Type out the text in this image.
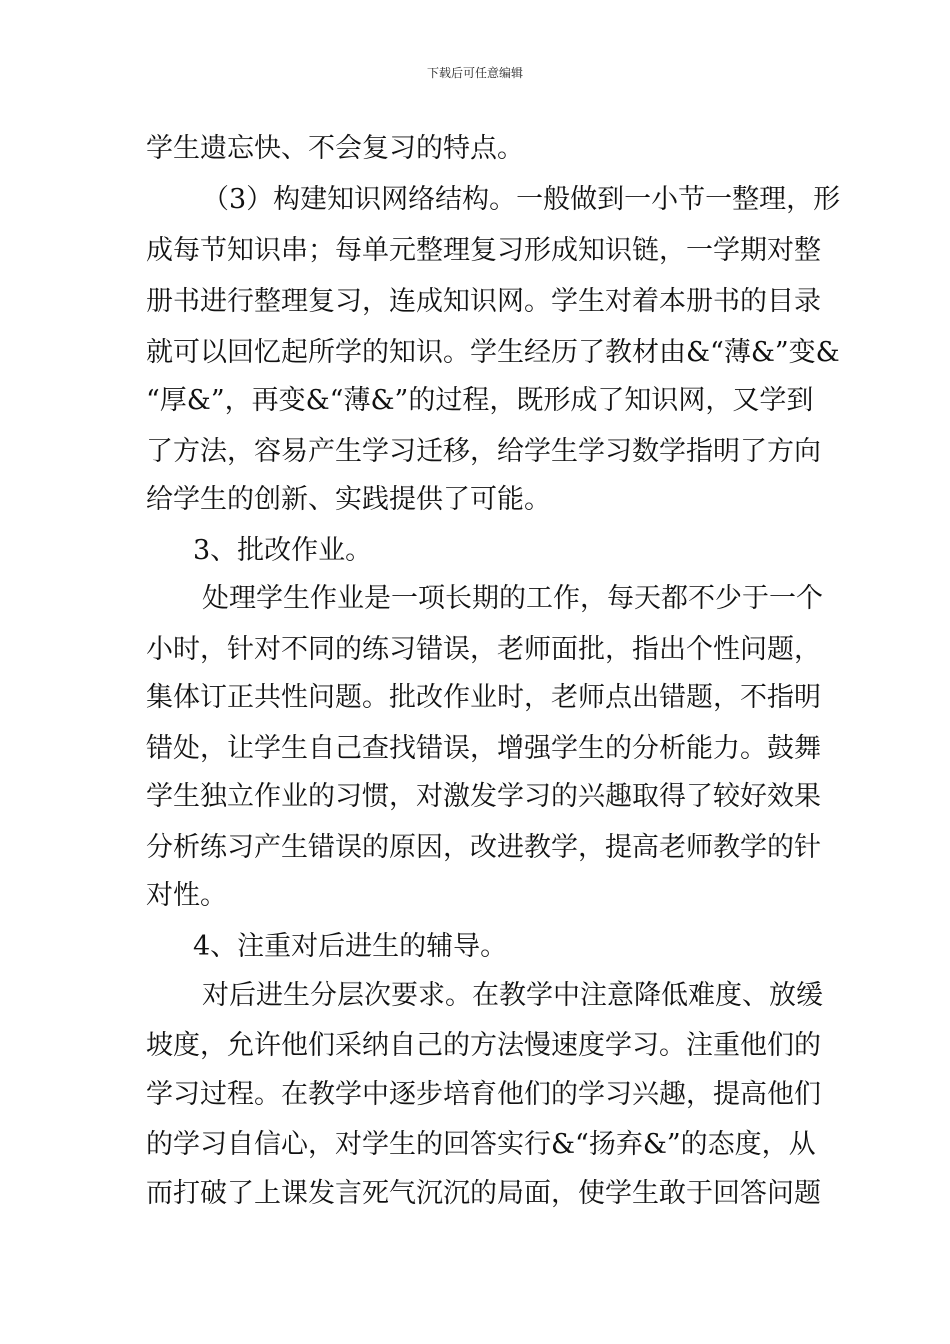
下载后可任意编辑
学生遗忘快、不会复习的特点。
（3）构建知识网络结构。一般做到一小节一整理，形
成每节知识串；每单元整理复习形成知识链，一学期对整
册书进行整理复习，连成知识网。学生对着本册书的目录
就可以回忆起所学的知识。学生经历了教材由&“薄&”变&
“厚&”，再变&“薄&”的过程，既形成了知识网，又学到
了方法，容易产生学习迁移，给学生学习数学指明了方向
给学生的创新、实践提供了可能。
3、批改作业。
处理学生作业是一项长期的工作，每天都不少于一个
小时，针对不同的练习错误，老师面批，指出个性问题，
集体订正共性问题。批改作业时，老师点出错题，不指明
错处，让学生自己查找错误，增强学生的分析能力。鼓舞
学生独立作业的习惯，对激发学习的兴趣取得了较好效果
分析练习产生错误的原因，改进教学，提高老师教学的针
对性。
4、注重对后进生的辅导。
对后进生分层次要求。在教学中注意降低难度、放缓
坡度，允许他们采纳自己的方法慢速度学习。注重他们的
学习过程。在教学中逐步培育他们的学习兴趣，提高他们
的学习自信心，对学生的回答实行&“扬弃&”的态度，从
而打破了上课发言死气沉沉的局面，使学生敢于回答问题
